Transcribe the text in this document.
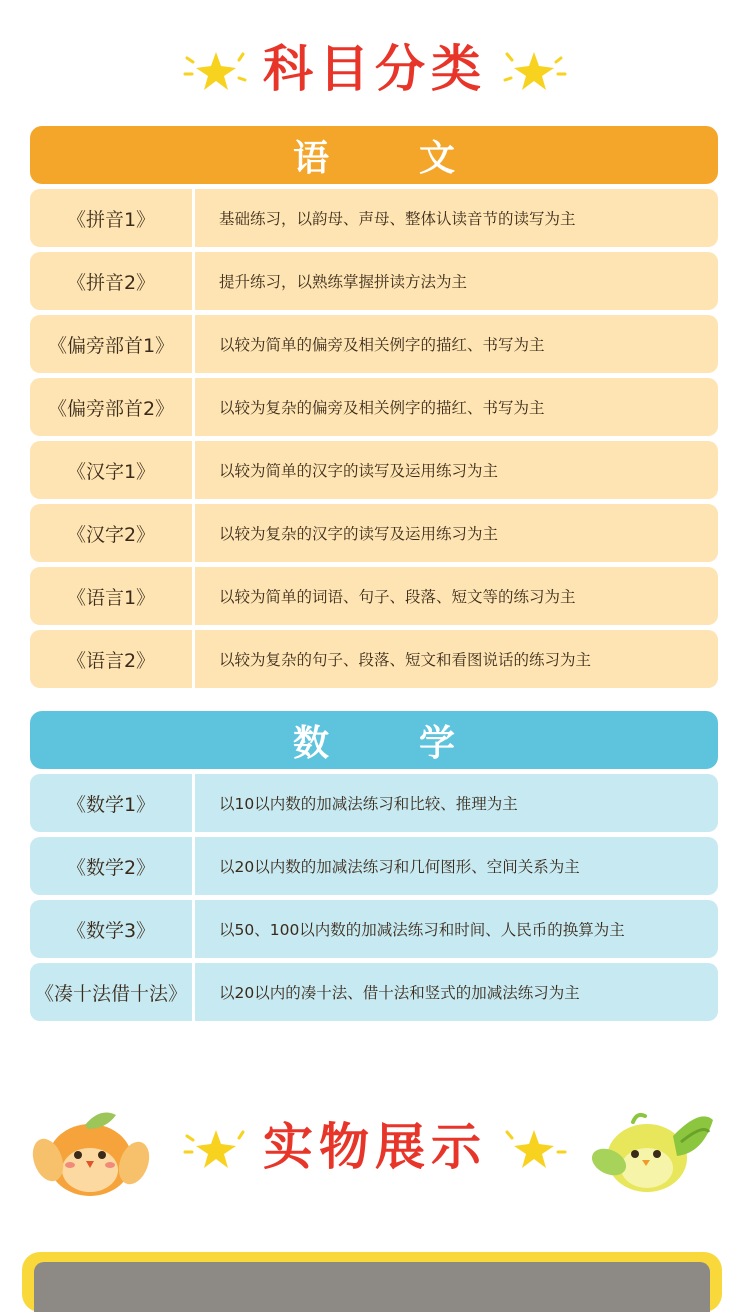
科目分类
语文
《拼音1》	基础练习，以韵母、声母、整体认读音节的读写为主
《拼音2》	提升练习，以熟练掌握拼读方法为主
《偏旁部首1》	以较为简单的偏旁及相关例字的描红、书写为主
《偏旁部首2》	以较为复杂的偏旁及相关例字的描红、书写为主
《汉字1》	以较为简单的汉字的读写及运用练习为主
《汉字2》	以较为复杂的汉字的读写及运用练习为主
《语言1》	以较为简单的词语、句子、段落、短文等的练习为主
《语言2》	以较为复杂的句子、段落、短文和看图说话的练习为主
数学
《数学1》	以10以内数的加减法练习和比较、推理为主
《数学2》	以20以内数的加减法练习和几何图形、空间关系为主
《数学3》	以50、100以内数的加减法练习和时间、人民币的换算为主
《凑十法借十法》	以20以内的凑十法、借十法和竖式的加减法练习为主
实物展示
